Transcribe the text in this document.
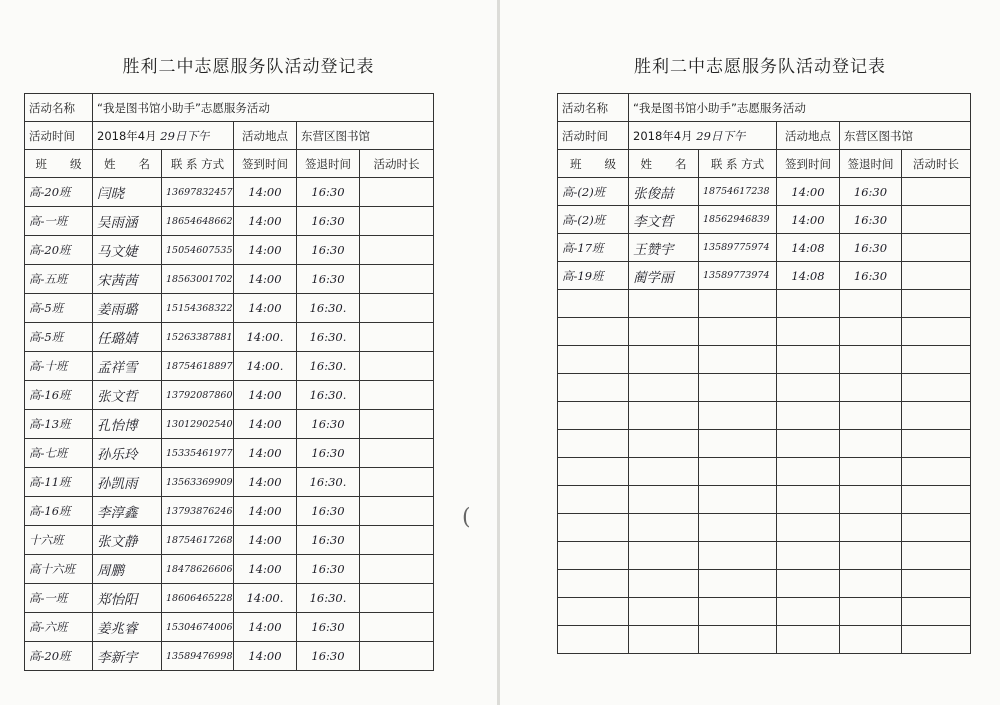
胜利二中志愿服务队活动登记表
活动名称	“我是图书馆小助手”志愿服务活动				
活动时间	2018年4月 29日下午		活动地点	东营区图书馆	
班　　级	姓　　名	联 系 方式	签到时间	签退时间	活动时长
高-20班	闫晓	13697832457	14:00	16:30	
高-一班	吴雨涵	18654648662	14:00	16:30	
高-20班	马文婕	15054607535	14:00	16:30	
高-五班	宋茜茜	18563001702	14:00	16:30	
高-5班	姜雨璐	15154368322	14:00	16:30.	
高-5班	任璐婧	15263387881	14:00.	16:30.	
高-十班	孟祥雪	18754618897	14:00.	16:30.	
高-16班	张文哲	13792087860	14:00	16:30.	
高-13班	孔怡博	13012902540	14:00	16:30	
高-七班	孙乐玲	15335461977	14:00	16:30	
高-11班	孙凯雨	13563369909	14:00	16:30.	
高-16班	李淳鑫	13793876246	14:00	16:30	
十六班	张文静	18754617268	14:00	16:30	
高十六班	周鹏	18478626606	14:00	16:30	
高-一班	郑怡阳	18606465228	14:00.	16:30.	
高-六班	姜兆睿	15304674006	14:00	16:30	
高-20班	李新宇	13589476998	14:00	16:30	
(
胜利二中志愿服务队活动登记表
活动名称	“我是图书馆小助手”志愿服务活动				
活动时间	2018年4月 29日下午		活动地点	东营区图书馆	
班　　级	姓　　名	联 系 方式	签到时间	签退时间	活动时长
高-(2)班	张俊喆	18754617238	14:00	16:30	
高-(2)班	李文哲	18562946839	14:00	16:30	
高-17班	王赞宇	13589775974	14:08	16:30	
高-19班	蔺学丽	13589773974	14:08	16:30	
